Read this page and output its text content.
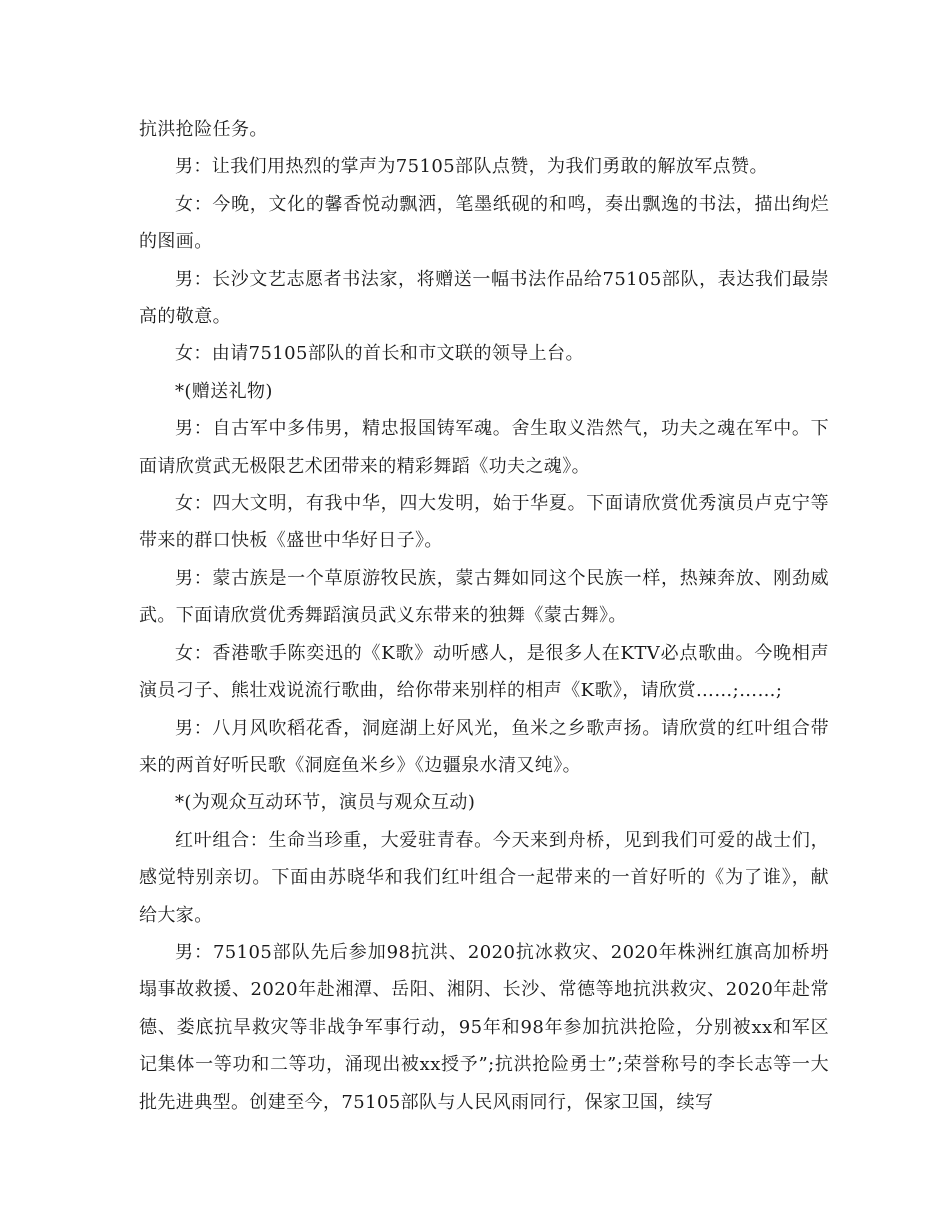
抗洪抢险任务。

男：让我们用热烈的掌声为75105部队点赞，为我们勇敢的解放军点赞。

女：今晚，文化的馨香悦动飘洒，笔墨纸砚的和鸣，奏出飘逸的书法，描出绚烂的图画。

男：长沙文艺志愿者书法家，将赠送一幅书法作品给75105部队，表达我们最崇高的敬意。

女：由请75105部队的首长和市文联的领导上台。

*(赠送礼物)

男：自古军中多伟男，精忠报国铸军魂。舍生取义浩然气，功夫之魂在军中。下面请欣赏武无极限艺术团带来的精彩舞蹈《功夫之魂》。

女：四大文明，有我中华，四大发明，始于华夏。下面请欣赏优秀演员卢克宁等带来的群口快板《盛世中华好日子》。

男：蒙古族是一个草原游牧民族，蒙古舞如同这个民族一样，热辣奔放、刚劲威武。下面请欣赏优秀舞蹈演员武义东带来的独舞《蒙古舞》。

女：香港歌手陈奕迅的《K歌》动听感人，是很多人在KTV必点歌曲。今晚相声演员刁子、熊壮戏说流行歌曲，给你带来别样的相声《K歌》，请欣赏……;……;

男：八月风吹稻花香，洞庭湖上好风光，鱼米之乡歌声扬。请欣赏的红叶组合带来的两首好听民歌《洞庭鱼米乡》《边疆泉水清又纯》。

*(为观众互动环节，演员与观众互动)

红叶组合：生命当珍重，大爱驻青春。今天来到舟桥，见到我们可爱的战士们，感觉特别亲切。下面由苏晓华和我们红叶组合一起带来的一首好听的《为了谁》，献给大家。

男：75105部队先后参加98抗洪、2020抗冰救灾、2020年株洲红旗高加桥坍塌事故救援、2020年赴湘潭、岳阳、湘阴、长沙、常德等地抗洪救灾、2020年赴常德、娄底抗旱救灾等非战争军事行动，95年和98年参加抗洪抢险，分别被xx和军区记集体一等功和二等功，涌现出被xx授予”;抗洪抢险勇士”;荣誉称号的李长志等一大批先进典型。创建至今，75105部队与人民风雨同行，保家卫国，续写
